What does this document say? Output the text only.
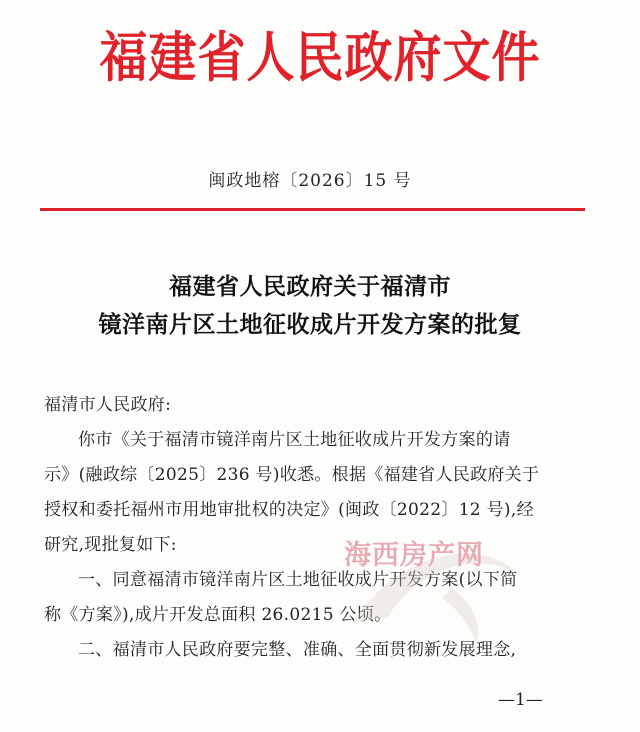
福建省人民政府文件
闽政地榕〔2026〕15 号
福建省人民政府关于福清市
镜洋南片区土地征收成片开发方案的批复
福清市人民政府:
你市《关于福清市镜洋南片区土地征收成片开发方案的请
示》(融政综〔2025〕236 号)收悉。根据《福建省人民政府关于
授权和委托福州市用地审批权的决定》(闽政〔2022〕12 号),经
研究,现批复如下:
一、同意福清市镜洋南片区土地征收成片开发方案(以下简
称《方案》),成片开发总面积 26.0215 公顷。
二、福清市人民政府要完整、准确、全面贯彻新发展理念,
海西房产网
—1—
